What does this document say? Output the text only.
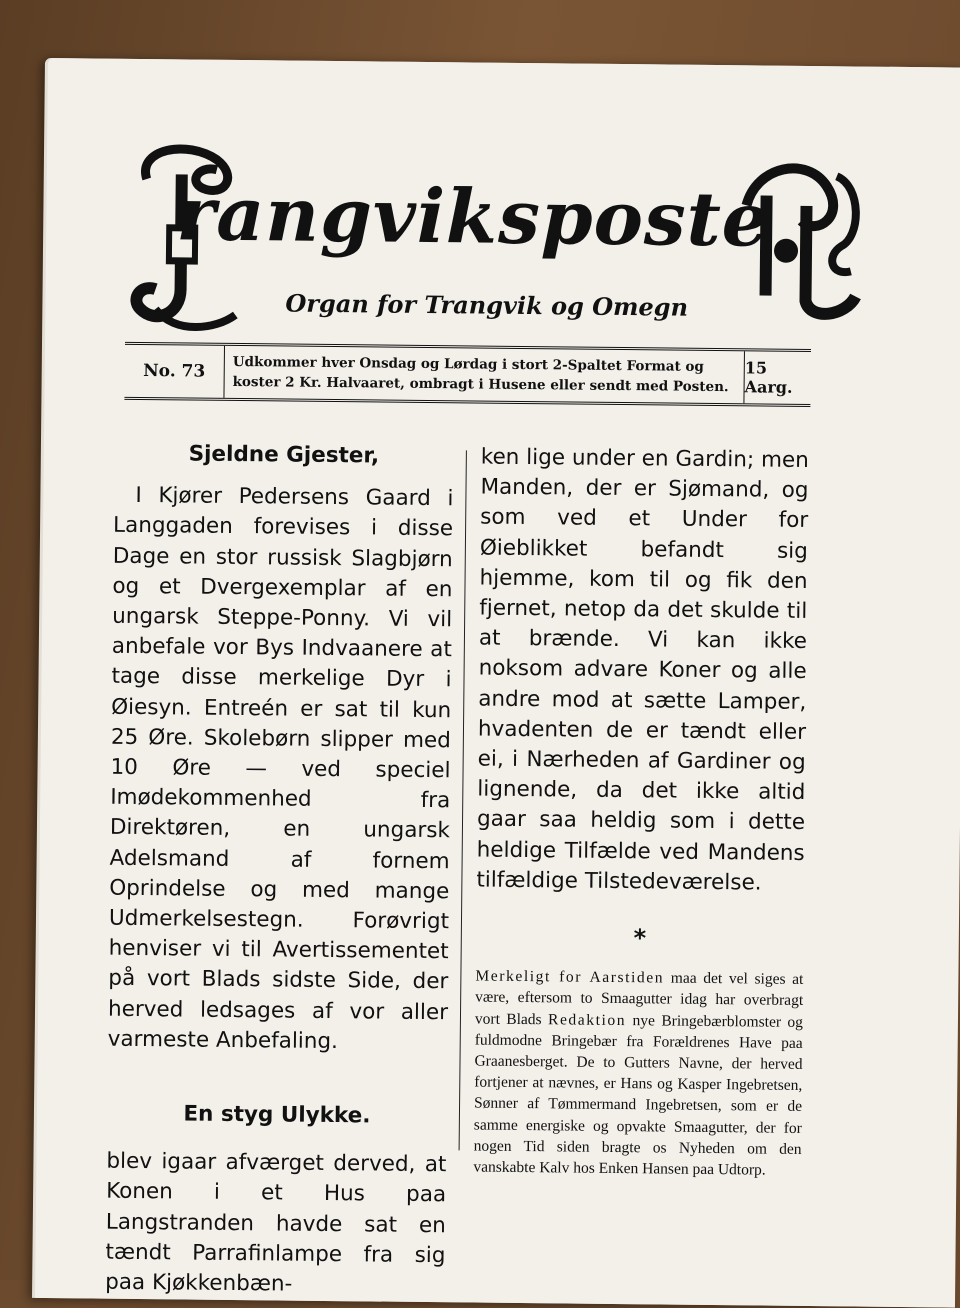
rangviksposte
Organ for Trangvik og Omegn
No. 73	Udkommer hver Onsdag og Lørdag i stort 2-Spaltet Format og koster 2 Kr. Halvaaret, ombragt i Husene eller sendt med Posten.
15 Aarg.

Sjeldne Gjester,

I Kjører Pedersens Gaard i Langgaden forevises i disse Dage en stor russisk Slagbjørn og et Dvergexemplar af en ungarsk Steppe-Ponny. Vi vil anbefale vor Bys Indvaanere at tage disse merkelige Dyr i Øiesyn. Entreén er sat til kun 25 Øre. Skolebørn slipper med 10 Øre — ved speciel Imødekommenhed fra Direktøren, en ungarsk Adelsmand af fornem Oprindelse og med mange Udmerkelsestegn. Forøvrigt henviser vi til Avertissementet på vort Blads sidste Side, der herved ledsages af vor aller varmeste Anbefaling.

En styg Ulykke.

blev igaar afværget derved, at Konen i et Hus paa Langstranden havde sat en tændt Parrafinlampe fra sig paa Kjøkkenbæn-

ken lige under en Gardin; men Manden, der er Sjømand, og som ved et Under for Øieblikket befandt sig hjemme, kom til og fik den fjernet, netop da det skulde til at brænde. Vi kan ikke noksom advare Koner og alle andre mod at sætte Lamper, hvadenten de er tændt eller ei, i Nærheden af Gardiner og lignende, da det ikke altid gaar saa heldig som i dette heldige Tilfælde ved Mandens tilfældige Tilstedeværelse.

*

Merkeligt for Aarstiden maa det vel siges at være, eftersom to Smaagutter idag har overbragt vort Blads Redaktion nye Bringebærblomster og fuldmodne Bringebær fra Forældrenes Have paa Graanesberget. De to Gutters Navne, der herved fortjener at nævnes, er Hans og Kasper Ingebretsen, Sønner af Tømmermand Ingebretsen, som er de samme energiske og opvakte Smaagutter, der for nogen Tid siden bragte os Nyheden om den vanskabte Kalv hos Enken Hansen paa Udtorp.
